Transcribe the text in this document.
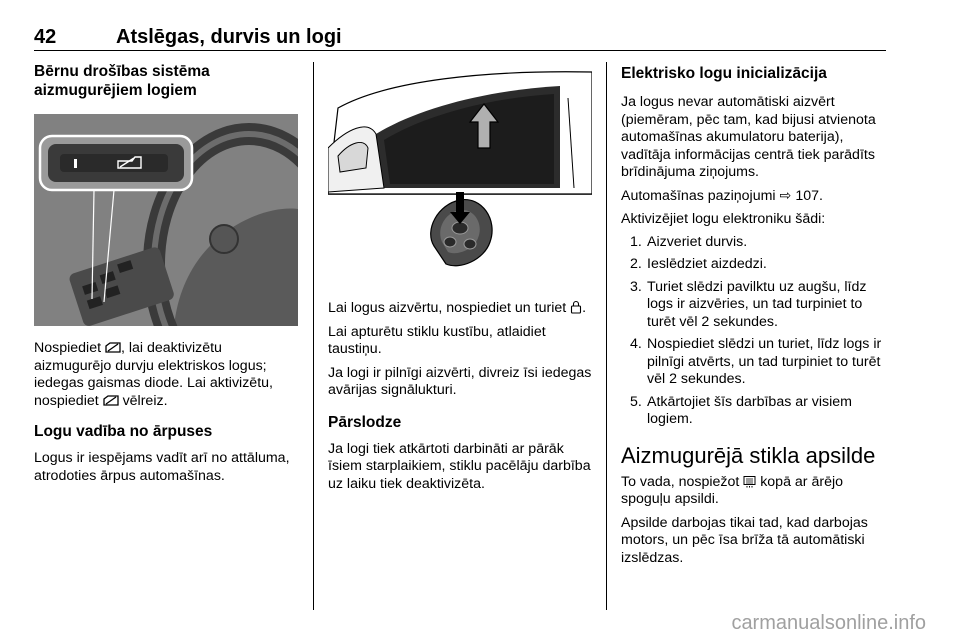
42	Atslēgas, durvis un logi
Bērnu drošības sistēma aizmugurējiem logiem

Nospiediet , lai deaktivizētu aizmugurējo durvju elektriskos logus; iedegas gaismas diode. Lai aktivizētu, nospiediet  vēlreiz.

Logu vadība no ārpuses

Logus ir iespējams vadīt arī no attāluma, atrodoties ārpus automašīnas.

Lai logus aizvērtu, nospiediet un turiet .

Lai apturētu stiklu kustību, atlaidiet taustiņu.

Ja logi ir pilnīgi aizvērti, divreiz īsi iedegas avārijas signālukturi.

Pārslodze

Ja logi tiek atkārtoti darbināti ar pārāk īsiem starplaikiem, stiklu pacēlāju darbība uz laiku tiek deaktivizēta.

Elektrisko logu inicializācija

Ja logus nevar automātiski aizvērt (piemēram, pēc tam, kad bijusi atvienota automašīnas akumulatoru baterija), vadītāja informācijas centrā tiek parādīts brīdinājuma ziņojums.

Automašīnas paziņojumi ⇨ 107.

Aktivizējiet logu elektroniku šādi:

1. Aizveriet durvis.
2. Ieslēdziet aizdedzi.
3. Turiet slēdzi pavilktu uz augšu, līdz logs ir aizvēries, un tad turpiniet to turēt vēl 2 sekundes.
4. Nospiediet slēdzi un turiet, līdz logs ir pilnīgi atvērts, un tad turpiniet to turēt vēl 2 sekundes.
5. Atkārtojiet šīs darbības ar visiem logiem.
Aizmugurējā stikla apsilde

To vada, nospiežot  kopā ar ārējo spoguļu apsildi.

Apsilde darbojas tikai tad, kad darbojas motors, un pēc īsa brīža tā automātiski izslēdzas.

carmanualsonline.info
